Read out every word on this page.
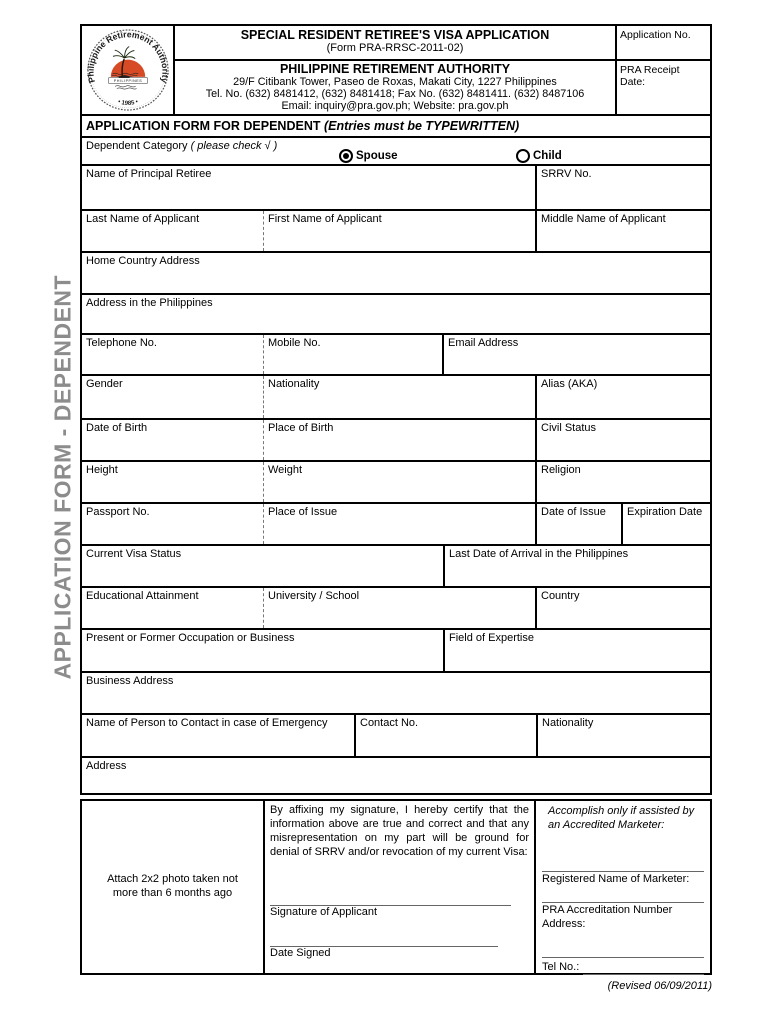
APPLICATION FORM - DEPENDENT
Philippine Retirement Authority
• 1985 •
PHILIPPINES
SPECIAL RESIDENT RETIREE'S VISA APPLICATION
(Form PRA-RRSC-2011-02)
PHILIPPINE RETIREMENT AUTHORITY
29/F Citibank Tower, Paseo de Roxas, Makati City, 1227 Philippines
Tel. No. (632) 8481412, (632) 8481418; Fax No. (632) 8481411. (632) 8487106
Email: inquiry@pra.gov.ph; Website: pra.gov.ph
Application No.
PRA Receipt Date:
APPLICATION FORM FOR DEPENDENT (Entries must be TYPEWRITTEN)
Dependent Category ( please check √ )
Spouse	Child
Name of Principal Retiree	SRRV No.
Last Name of Applicant	First Name of Applicant	Middle Name of Applicant
Home Country Address
Address in the Philippines
Telephone No.	Mobile No.	Email Address
Gender	Nationality	Alias (AKA)
Date of Birth	Place of Birth	Civil Status
Height	Weight	Religion
Passport No.	Place of Issue	Date of Issue	Expiration Date
Current Visa Status	Last Date of Arrival in the Philippines
Educational Attainment	University / School	Country
Present or Former Occupation or Business	Field of Expertise
Business Address
Name of Person to Contact in case of Emergency	Contact No.	Nationality
Address
Attach 2x2 photo taken not more than 6 months ago

By affixing my signature, I hereby certify that the information above are true and correct and that any misrepresentation on my part will be ground for denial of SRRV and/or revocation of my current Visa:

Signature of Applicant
Date Signed
Accomplish only if assisted by an Accredited Marketer:
Registered Name of Marketer:
PRA Accreditation Number
Address:
Tel No.:
(Revised 06/09/2011)
